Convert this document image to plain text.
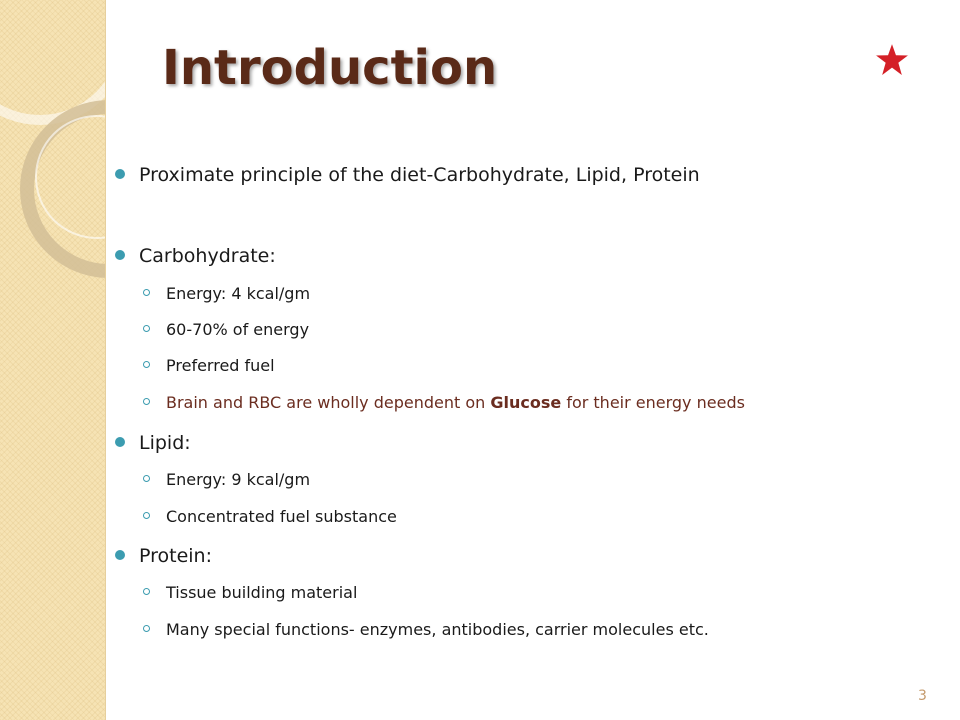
Introduction
Proximate principle of the diet-Carbohydrate, Lipid, Protein
Carbohydrate:
Energy: 4 kcal/gm
60-70% of energy
Preferred fuel
Brain and RBC are wholly dependent on Glucose for their energy needs
Lipid:
Energy: 9 kcal/gm
Concentrated fuel substance
Protein:
Tissue building material
Many special functions- enzymes, antibodies, carrier molecules etc.
3
